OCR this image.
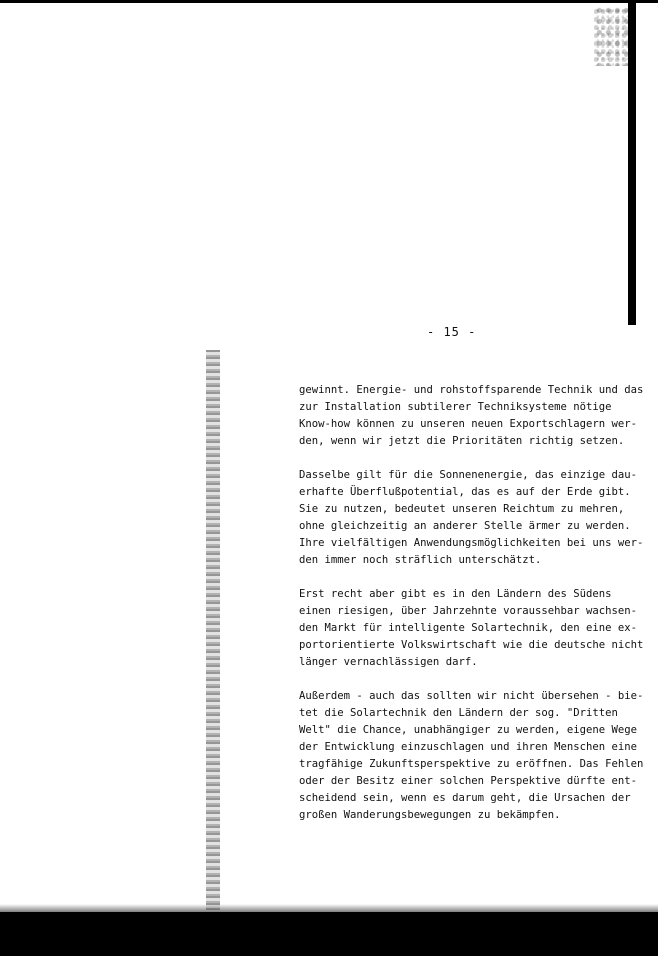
- 15 -
gewinnt. Energie- und rohstoffsparende Technik und das
zur Installation subtilerer Techniksysteme nötige
Know-how können zu unseren neuen Exportschlagern wer-
den, wenn wir jetzt die Prioritäten richtig setzen.
Dasselbe gilt für die Sonnenenergie, das einzige dau-
erhafte Überflußpotential, das es auf der Erde gibt.
Sie zu nutzen, bedeutet unseren Reichtum zu mehren,
ohne gleichzeitig an anderer Stelle ärmer zu werden.
Ihre vielfältigen Anwendungsmöglichkeiten bei uns wer-
den immer noch sträflich unterschätzt.
Erst recht aber gibt es in den Ländern des Südens
einen riesigen, über Jahrzehnte voraussehbar wachsen-
den Markt für intelligente Solartechnik, den eine ex-
portorientierte Volkswirtschaft wie die deutsche nicht
länger vernachlässigen darf.
Außerdem - auch das sollten wir nicht übersehen - bie-
tet die Solartechnik den Ländern der sog. "Dritten
Welt" die Chance, unabhängiger zu werden, eigene Wege
der Entwicklung einzuschlagen und ihren Menschen eine
tragfähige Zukunftsperspektive zu eröffnen. Das Fehlen
oder der Besitz einer solchen Perspektive dürfte ent-
scheidend sein, wenn es darum geht, die Ursachen der
großen Wanderungsbewegungen zu bekämpfen.
